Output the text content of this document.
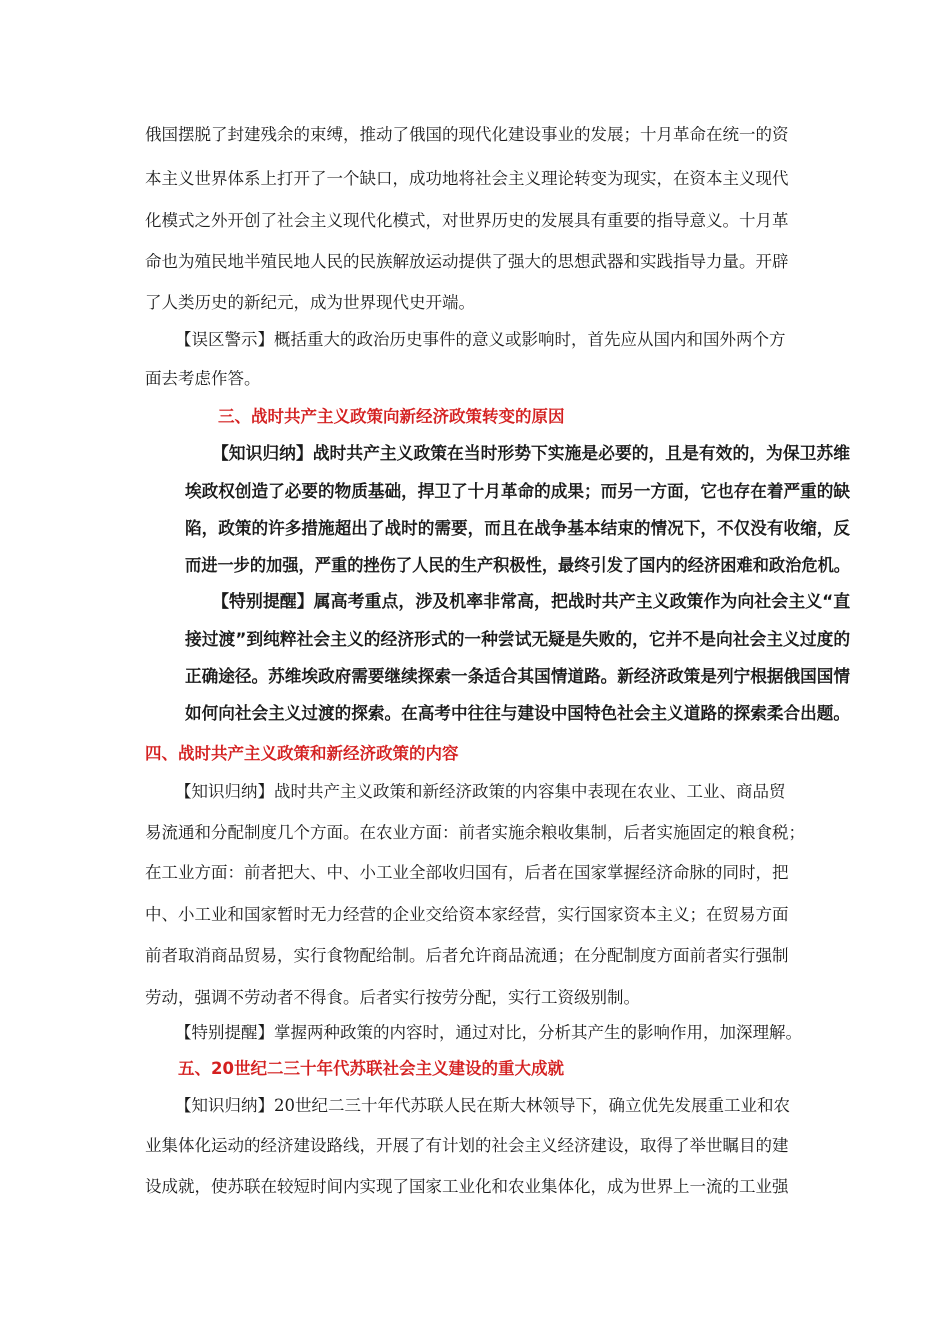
俄国摆脱了封建残余的束缚，推动了俄国的现代化建设事业的发展；十月革命在统一的资
本主义世界体系上打开了一个缺口，成功地将社会主义理论转变为现实，在资本主义现代
化模式之外开创了社会主义现代化模式，对世界历史的发展具有重要的指导意义。十月革
命也为殖民地半殖民地人民的民族解放运动提供了强大的思想武器和实践指导力量。开辟
了人类历史的新纪元，成为世界现代史开端。
【误区警示】概括重大的政治历史事件的意义或影响时，首先应从国内和国外两个方
面去考虑作答。
三、战时共产主义政策向新经济政策转变的原因
【知识归纳】战时共产主义政策在当时形势下实施是必要的，且是有效的，为保卫苏维
埃政权创造了必要的物质基础，捍卫了十月革命的成果；而另一方面，它也存在着严重的缺
陷，政策的许多措施超出了战时的需要，而且在战争基本结束的情况下，不仅没有收缩，反
而进一步的加强，严重的挫伤了人民的生产积极性，最终引发了国内的经济困难和政治危机。
【特别提醒】属高考重点，涉及机率非常高，把战时共产主义政策作为向社会主义“直
接过渡”到纯粹社会主义的经济形式的一种尝试无疑是失败的，它并不是向社会主义过度的
正确途径。苏维埃政府需要继续探索一条适合其国情道路。新经济政策是列宁根据俄国国情
如何向社会主义过渡的探索。在高考中往往与建设中国特色社会主义道路的探索柔合出题。
四、战时共产主义政策和新经济政策的内容
【知识归纳】战时共产主义政策和新经济政策的内容集中表现在农业、工业、商品贸
易流通和分配制度几个方面。在农业方面：前者实施余粮收集制，后者实施固定的粮食税；
在工业方面：前者把大、中、小工业全部收归国有，后者在国家掌握经济命脉的同时，把
中、小工业和国家暂时无力经营的企业交给资本家经营，实行国家资本主义；在贸易方面
前者取消商品贸易，实行食物配给制。后者允许商品流通；在分配制度方面前者实行强制
劳动，强调不劳动者不得食。后者实行按劳分配，实行工资级别制。
【特别提醒】掌握两种政策的内容时，通过对比，分析其产生的影响作用，加深理解。
五、20世纪二三十年代苏联社会主义建设的重大成就
【知识归纳】20世纪二三十年代苏联人民在斯大林领导下，确立优先发展重工业和农
业集体化运动的经济建设路线，开展了有计划的社会主义经济建设，取得了举世瞩目的建
设成就，使苏联在较短时间内实现了国家工业化和农业集体化，成为世界上一流的工业强
